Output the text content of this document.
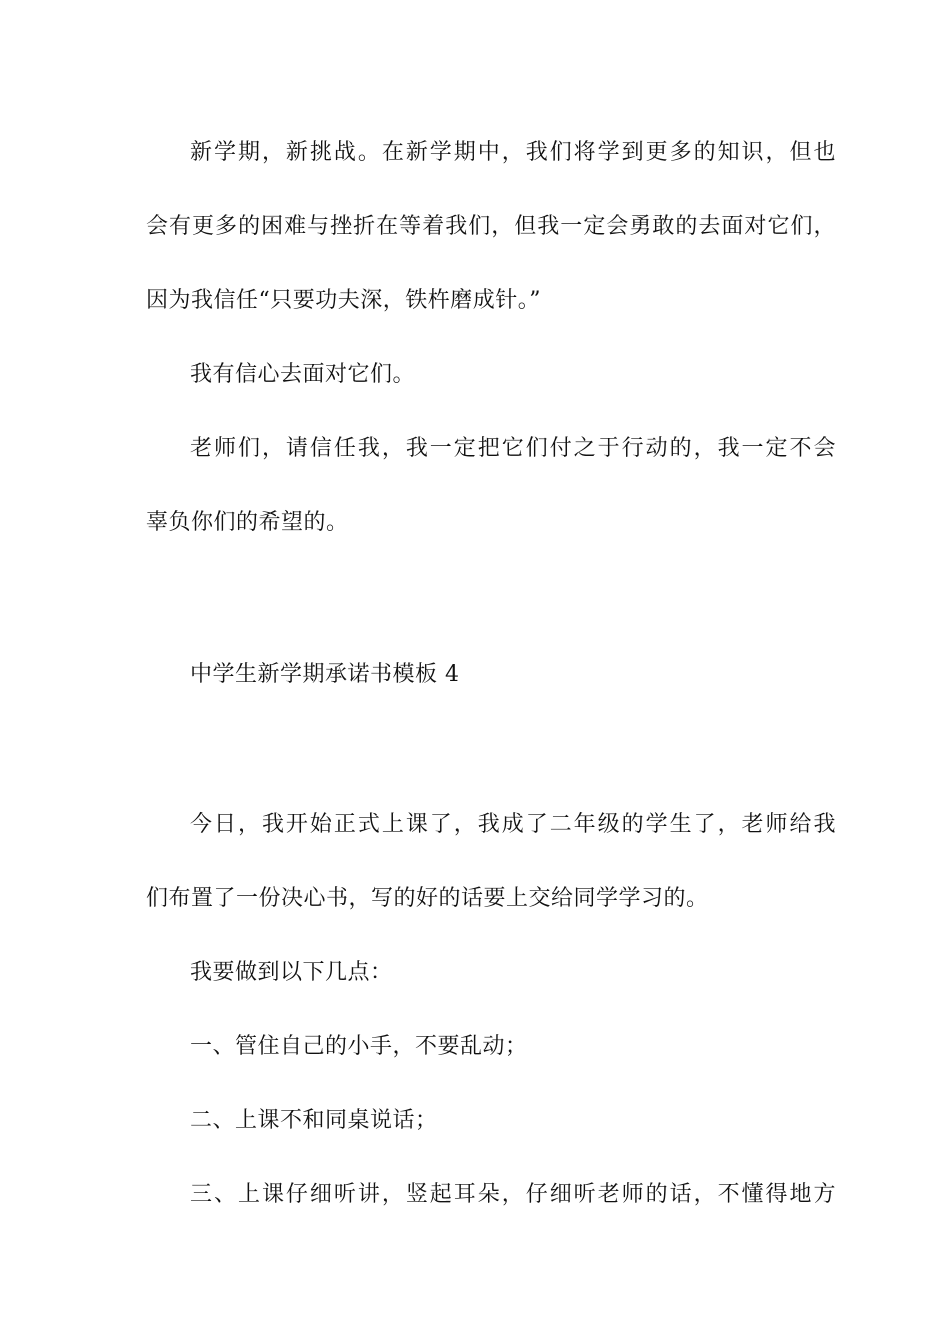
新学期，新挑战。在新学期中，我们将学到更多的知识，但也
会有更多的困难与挫折在等着我们，但我一定会勇敢的去面对它们，
因为我信任“只要功夫深，铁杵磨成针。”
我有信心去面对它们。
老师们，请信任我，我一定把它们付之于行动的，我一定不会
辜负你们的希望的。
中学生新学期承诺书模板 4
今日，我开始正式上课了，我成了二年级的学生了，老师给我
们布置了一份决心书，写的好的话要上交给同学学习的。
我要做到以下几点：
一、管住自己的小手，不要乱动；
二、上课不和同桌说话；
三、上课仔细听讲，竖起耳朵，仔细听老师的话，不懂得地方
